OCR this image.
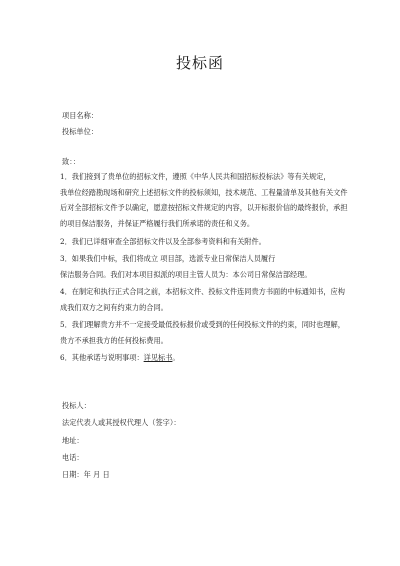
投标函
项目名称：
投标单位：
致：：
1．我们接到了贵单位的招标文件，遵照《中华人民共和国招标投标法》等有关规定，
我单位经踏勘现场和研究上述招标文件的投标须知，技术规范、工程量清单及其他有关文件
后对全部招标文件予以确定，愿意按招标文件规定的内容，以开标报价信的最终报价，承担
的项目保洁服务，并保证严格履行我们所承诺的责任和义务。
2．我们已详细审查全部招标文件以及全部参考资料和有关附件。
3．如果我们中标，我们将成立 项目部，选派专业日常保洁人员履行
保洁服务合同。我们对本项目拟派的项目主管人员为：本公司日常保洁部经理。
4．在制定和执行正式合同之前，本招标文件、投标文件连同贵方书面的中标通知书，应构
成我们双方之间有约束力的合同。
5．我们理解贵方并不一定接受最低投标报价或受到的任何投标文件的约束，同时也理解，
贵方不承担我方的任何投标费用。
6．其他承诺与说明事项：详见标书。
投标人：
法定代表人或其授权代理人（签字）：
地址：
电话：
日期：年 月 日
